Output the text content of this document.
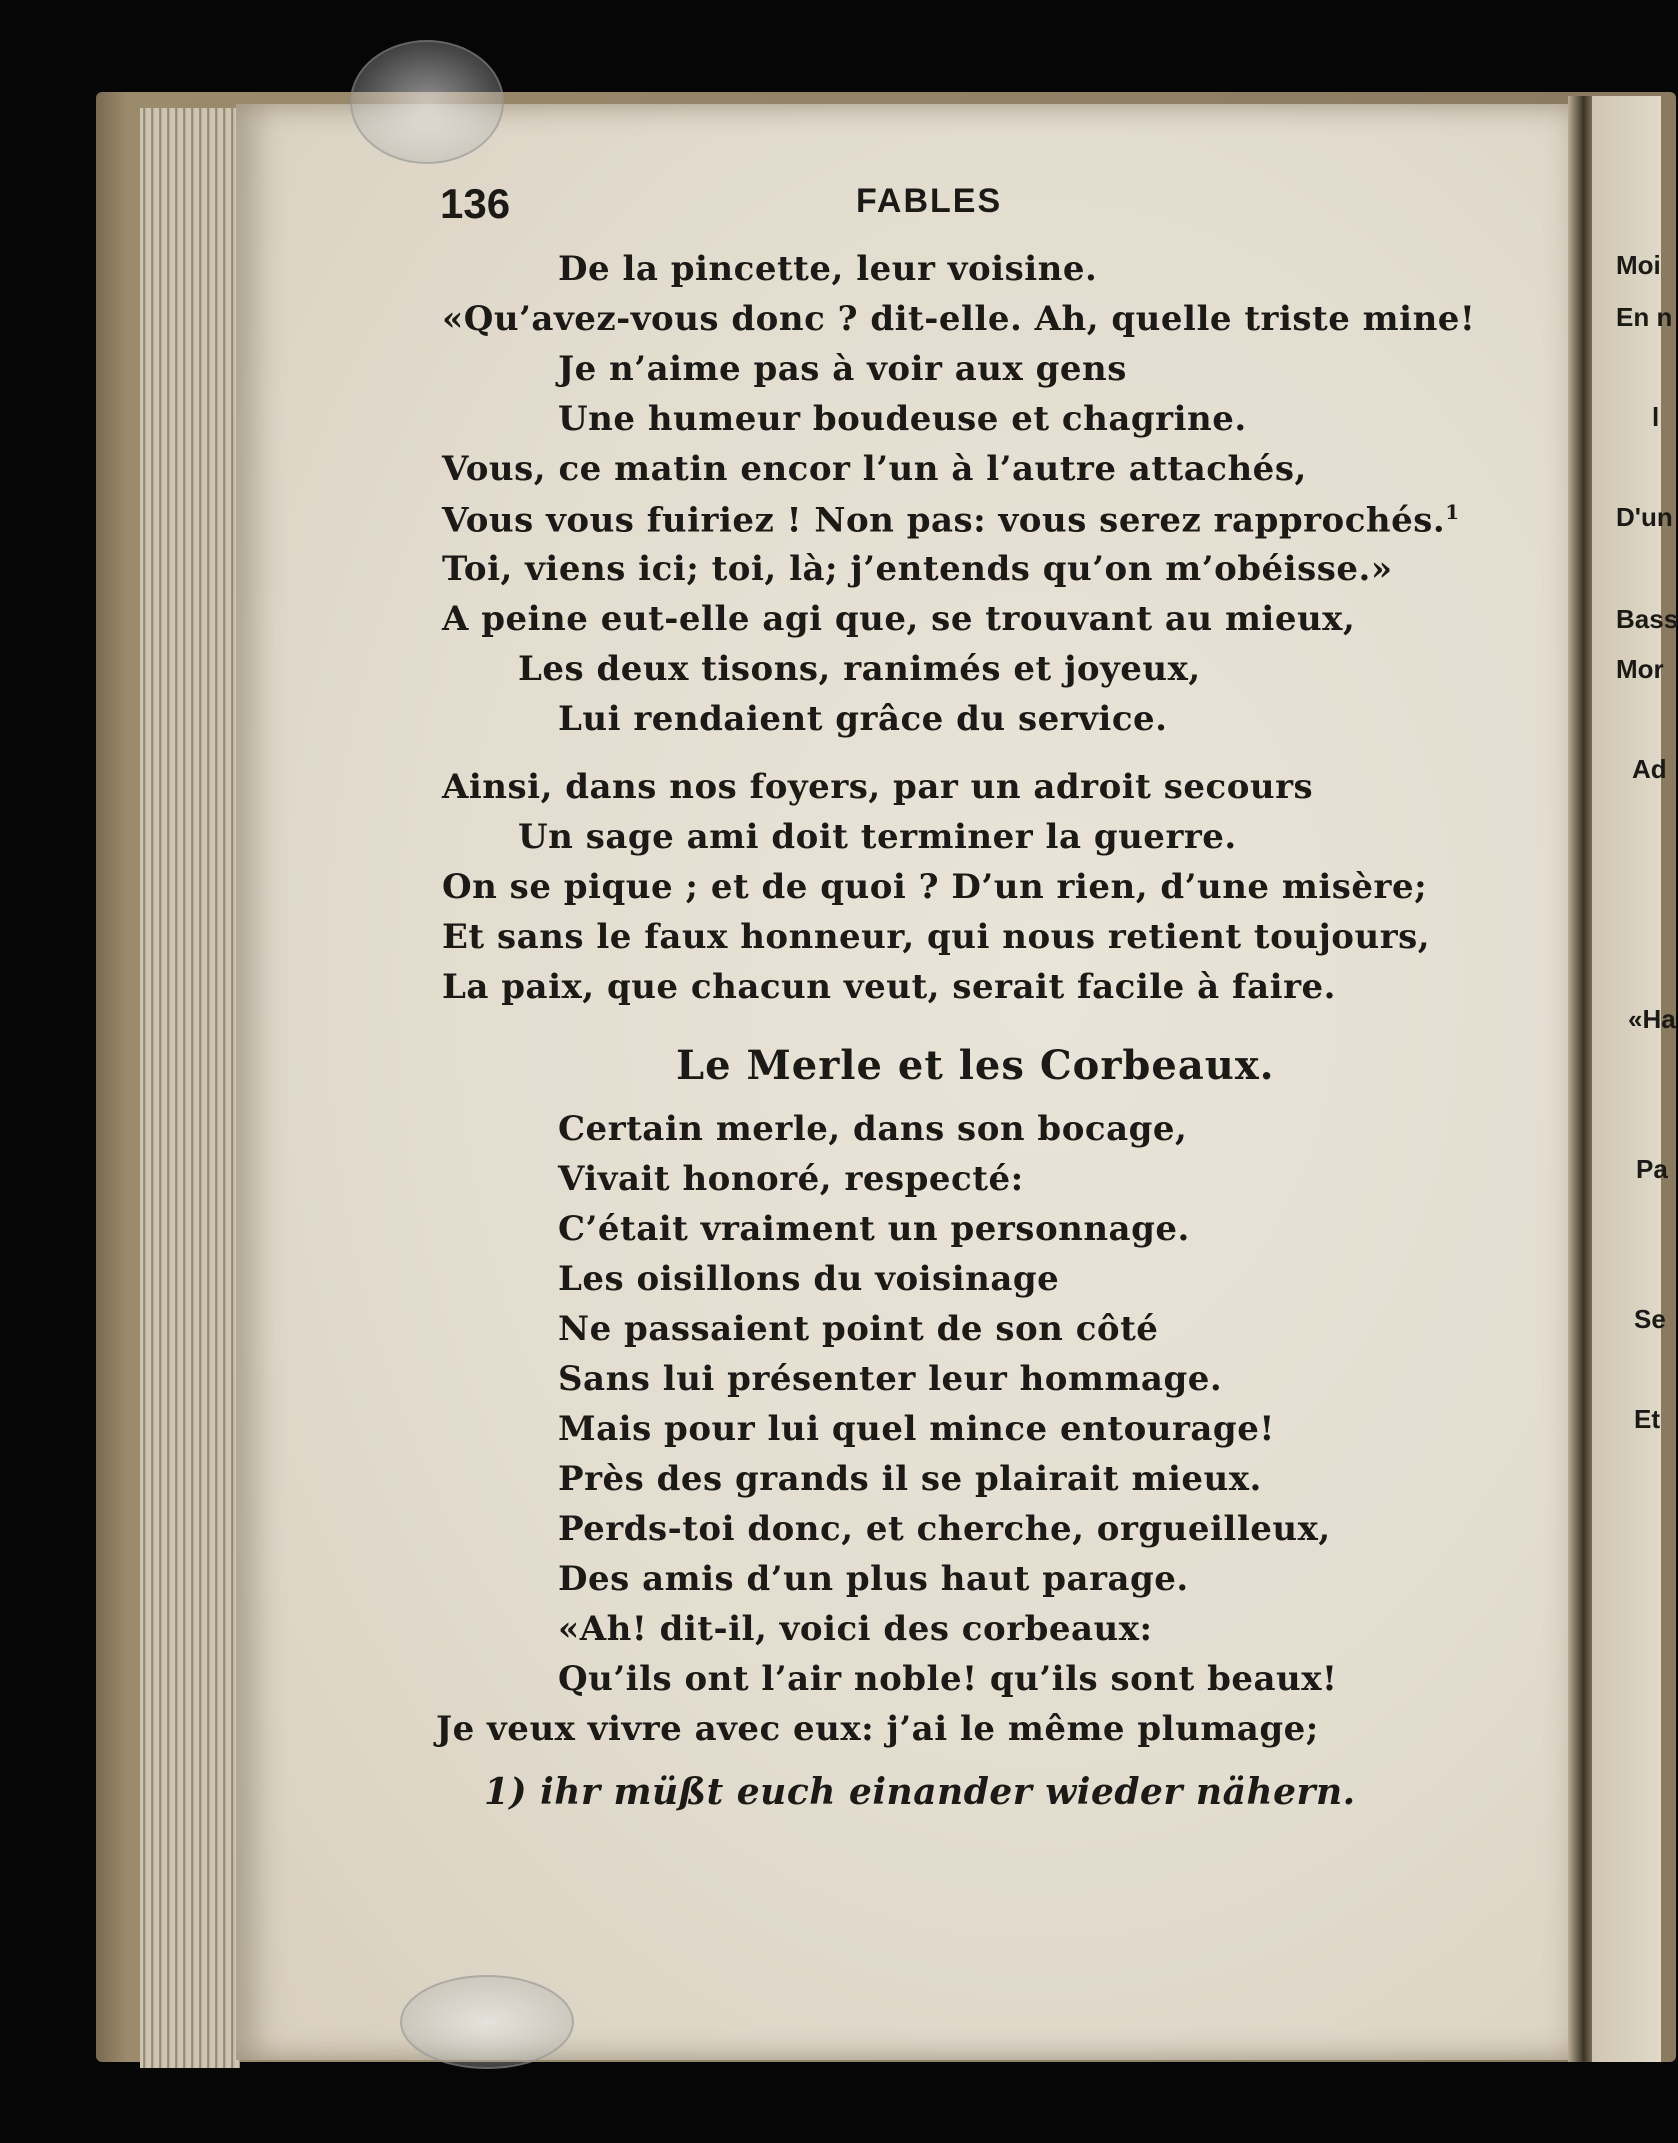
136	FABLES
De la pincette, leur voisine.
«Qu’avez-vous donc ? dit-elle. Ah, quelle triste mine!
Je n’aime pas à voir aux gens
Une humeur boudeuse et chagrine.
Vous, ce matin encor l’un à l’autre attachés,
Vous vous fuiriez ! Non pas: vous serez rapprochés.$^1$
Toi, viens ici; toi, là; j’entends qu’on m’obéisse.»
A peine eut-elle agi que, se trouvant au mieux,
Les deux tisons, ranimés et joyeux,
Lui rendaient grâce du service.
Ainsi, dans nos foyers, par un adroit secours
Un sage ami doit terminer la guerre.
On se pique ; et de quoi ? D’un rien, d’une misère;
Et sans le faux honneur, qui nous retient toujours,
La paix, que chacun veut, serait facile à faire.
Le Merle et les Corbeaux.
Certain merle, dans son bocage,
Vivait honoré, respecté:
C’était vraiment un personnage.
Les oisillons du voisinage
Ne passaient point de son côté
Sans lui présenter leur hommage.
Mais pour lui quel mince entourage!
Près des grands il se plairait mieux.
Perds-toi donc, et cherche, orgueilleux,
Des amis d’un plus haut parage.
«Ah! dit-il, voici des corbeaux:
Qu’ils ont l’air noble! qu’ils sont beaux!
Je veux vivre avec eux: j’ai le même plumage;
1) ihr müßt euch einander wieder nähern.
Moi
En n
l
D'un
Bass
Mor
Ad
«Ha
Pa
Se
Et
